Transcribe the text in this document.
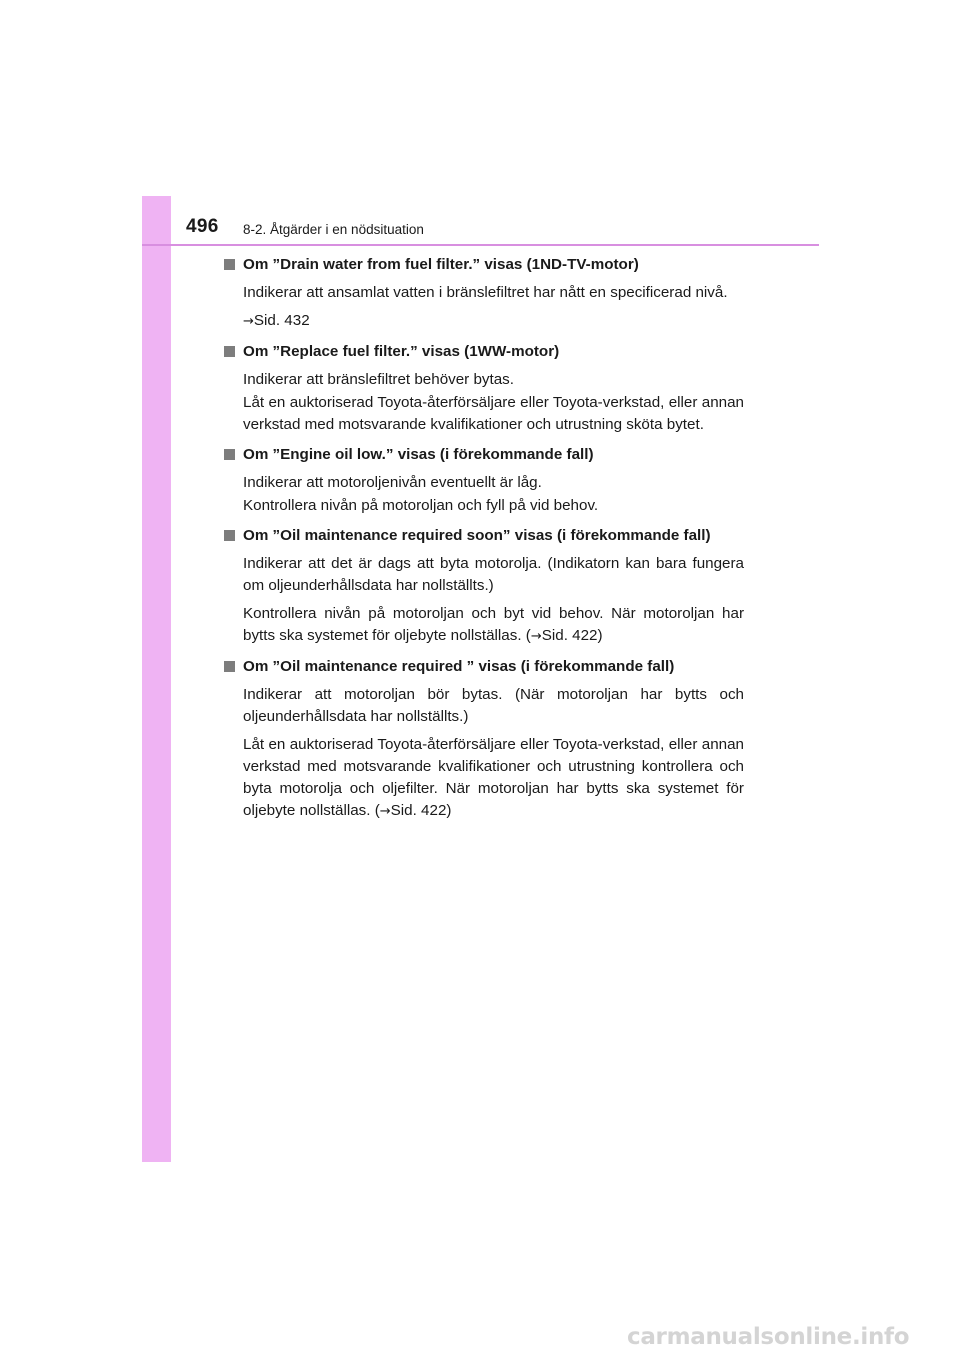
496 8-2. Åtgärder i en nödsituation
Om ”Drain water from fuel filter.” visas (1ND-TV-motor)
Indikerar att ansamlat vatten i bränslefiltret har nått en specificerad nivå.
→Sid. 432
Om ”Replace fuel filter.” visas (1WW-motor)
Indikerar att bränslefiltret behöver bytas.
Låt en auktoriserad Toyota-återförsäljare eller Toyota-verkstad, eller annan verkstad med motsvarande kvalifikationer och utrustning sköta bytet.
Om ”Engine oil low.” visas (i förekommande fall)
Indikerar att motoroljenivån eventuellt är låg.
Kontrollera nivån på motoroljan och fyll på vid behov.
Om ”Oil maintenance required soon” visas (i förekommande fall)
Indikerar att det är dags att byta motorolja. (Indikatorn kan bara fungera om oljeunderhållsdata har nollställts.)
Kontrollera nivån på motoroljan och byt vid behov. När motoroljan har bytts ska systemet för oljebyte nollställas. (→Sid. 422)
Om ”Oil maintenance required ” visas (i förekommande fall)
Indikerar att motoroljan bör bytas. (När motoroljan har bytts och oljeunderhållsdata har nollställts.)
Låt en auktoriserad Toyota-återförsäljare eller Toyota-verkstad, eller annan verkstad med motsvarande kvalifikationer och utrustning kontrollera och byta motorolja och oljefilter. När motoroljan har bytts ska systemet för oljebyte nollställas. (→Sid. 422)
carmanualsonline.info
